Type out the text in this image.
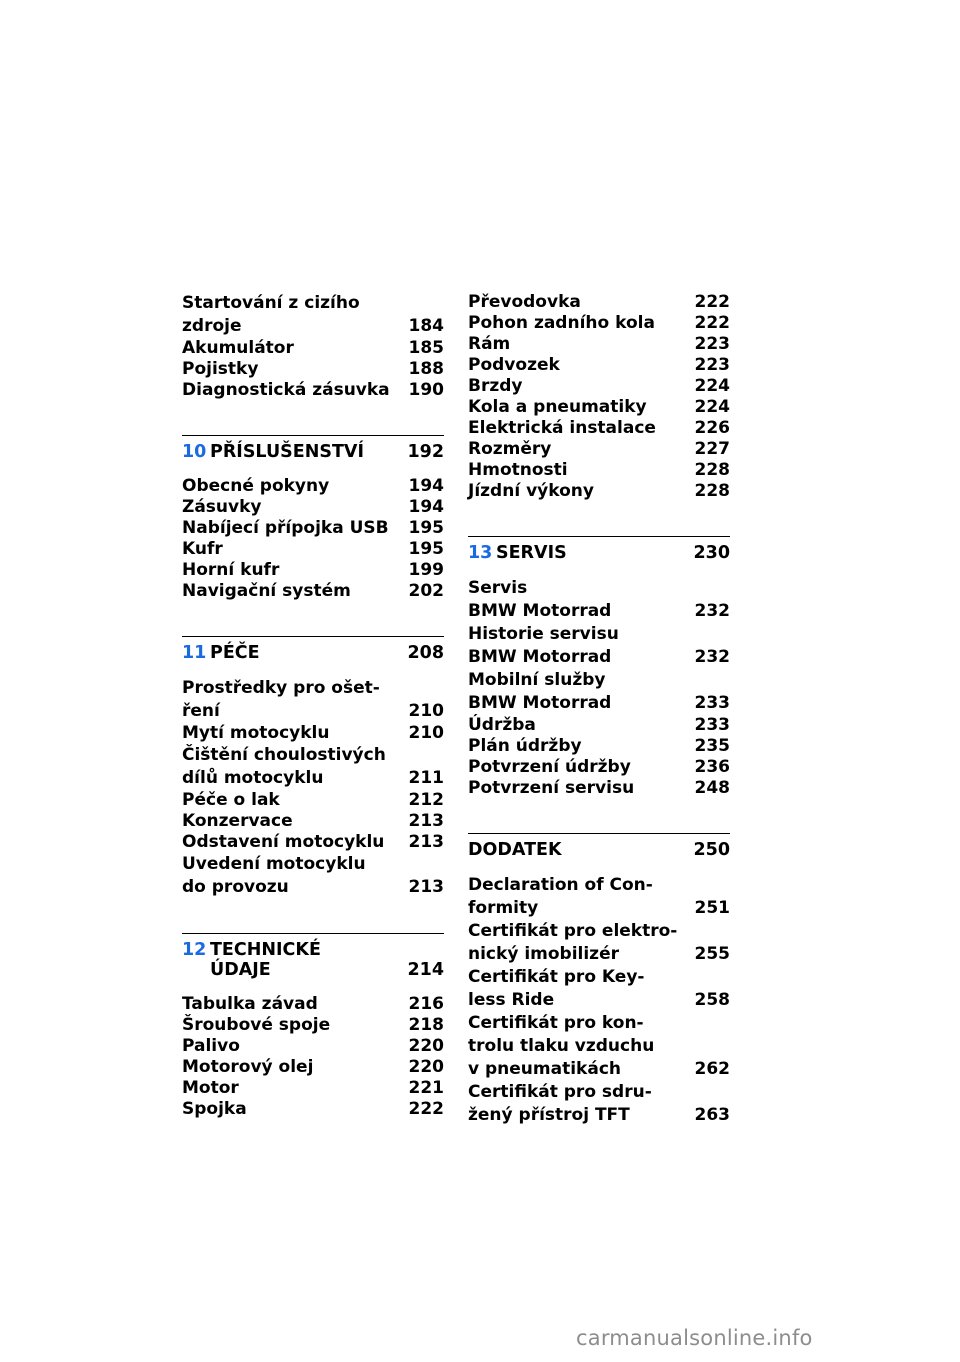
Startování z cizího
zdroje	184
Akumulátor	185
Pojistky	188
Diagnostická zásuvka	190
10 PŘÍSLUŠENSTVÍ 192
Obecné pokyny	194
Zásuvky	194
Nabíjecí přípojka USB	195
Kufr	195
Horní kufr	199
Navigační systém	202
11 PÉČE	208
Prostředky pro ošet-
ření	210
Mytí motocyklu	210
Čištění choulostivých
dílů motocyklu	211
Péče o lak	212
Konzervace	213
Odstavení motocyklu	213
Uvedení motocyklu
do provozu	213
12 TECHNICKÉ
ÚDAJE	214
Tabulka závad	216
Šroubové spoje	218
Palivo	220
Motorový olej	220
Motor	221
Spojka	222
Převodovka	222
Pohon zadního kola	222
Rám	223
Podvozek	223
Brzdy	224
Kola a pneumatiky	224
Elektrická instalace	226
Rozměry	227
Hmotnosti	228
Jízdní výkony	228
13 SERVIS	230
Servis
BMW Motorrad	232
Historie servisu
BMW Motorrad	232
Mobilní služby
BMW Motorrad	233
Údržba	233
Plán údržby	235
Potvrzení údržby	236
Potvrzení servisu	248
DODATEK	250
Declaration of Con-
formity	251
Certifikát pro elektro-
nický imobilizér	255
Certifikát pro Key-
less Ride	258
Certifikát pro kon-
trolu tlaku vzduchu
v pneumatikách	262
Certifikát pro sdru-
žený přístroj TFT	263
carmanualsonline.info
